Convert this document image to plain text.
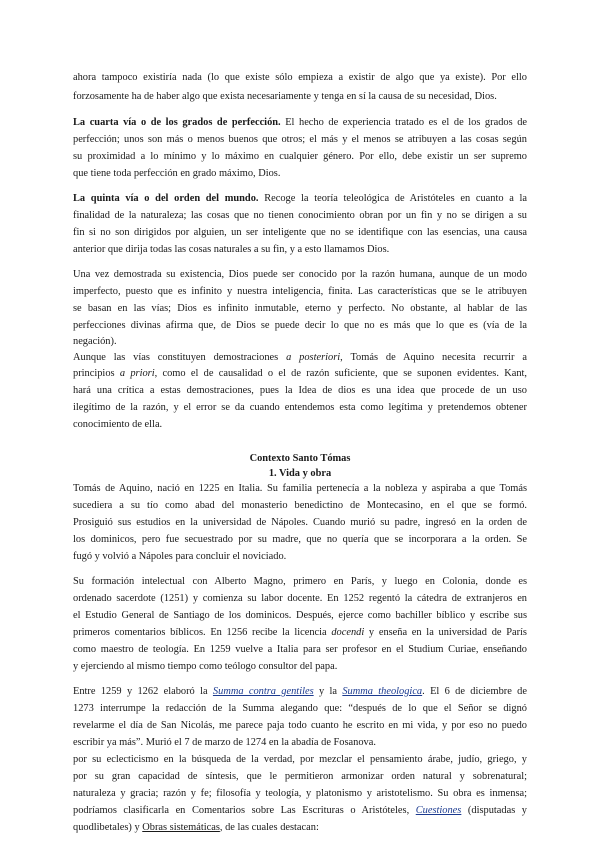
ahora tampoco existiría nada (lo que existe sólo empieza a existir de algo que ya existe). Por ello
forzosamente ha de haber algo que exista necesariamente y tenga en sí la causa de su necesidad, Dios.
La cuarta vía o de los grados de perfección. El hecho de experiencia tratado es el de los grados de
perfección; unos son más o menos buenos que otros; el más y el menos se atribuyen a las cosas según
su proximidad a lo mínimo y lo máximo en cualquier género. Por ello, debe existir un ser supremo
que tiene toda perfección en grado máximo, Dios.
La quinta vía o del orden del mundo. Recoge la teoría teleológica de Aristóteles en cuanto a la
finalidad de la naturaleza; las cosas que no tienen conocimiento obran por un fin y no se dirigen a su
fin si no son dirigidos por alguien, un ser inteligente que no se identifique con las esencias, una causa
anterior que dirija todas las cosas naturales a su fin, y a esto llamamos Dios.
Una vez demostrada su existencia, Dios puede ser conocido por la razón humana, aunque de un modo
imperfecto, puesto que es infinito y nuestra inteligencia, finita. Las características que se le atribuyen
se basan en las vías; Dios es infinito inmutable, eterno y perfecto. No obstante, al hablar de las
perfecciones divinas afirma que, de Dios se puede decir lo que no es más que lo que es (vía de la
negación).
Aunque las vías constituyen demostraciones a posteriori, Tomás de Aquino necesita recurrir a
principios a priori, como el de causalidad o el de razón suficiente, que se suponen evidentes. Kant,
hará una crítica a estas demostraciones, pues la Idea de dios es una idea que procede de un uso
ilegítimo de la razón, y el error se da cuando entendemos esta como legítima y pretendemos obtener
conocimiento de ella.
Contexto Santo Tómas
1. Vida y obra
Tomás de Aquino, nació en 1225 en Italia. Su familia pertenecía a la nobleza y aspiraba a que Tomás
sucediera a su tío como abad del monasterio benedictino de Montecasino, en el que se formó.
Prosiguió sus estudios en la universidad de Nápoles. Cuando murió su padre, ingresó en la orden de
los dominicos, pero fue secuestrado por su madre, que no quería que se incorporara a la orden. Se
fugó y volvió a Nápoles para concluir el noviciado.
Su formación intelectual con Alberto Magno, primero en París, y luego en Colonia, donde es
ordenado sacerdote (1251) y comienza su labor docente. En 1252 regentó la cátedra de extranjeros en
el Estudio General de Santiago de los dominicos. Después, ejerce como bachiller bíblico y escribe sus
primeros comentarios bíblicos. En 1256 recibe la licencia docendi y enseña en la universidad de París
como maestro de teología. En 1259 vuelve a Italia para ser profesor en el Studium Curiae, enseñando
y ejerciendo al mismo tiempo como teólogo consultor del papa.
Entre 1259 y 1262 elaboró la Summa contra gentiles y la Summa theologica. El 6 de diciembre de
1273 interrumpe la redacción de la Summa alegando que: “después de lo que el Señor se dignó
revelarme el día de San Nicolás, me parece paja todo cuanto he escrito en mi vida, y por eso no puedo
escribir ya más”. Murió el 7 de marzo de 1274 en la abadía de Fosanova.
por su eclecticismo en la búsqueda de la verdad, por mezclar el pensamiento árabe, judío, griego, y
por su gran capacidad de síntesis, que le permitieron armonizar orden natural y sobrenatural;
naturaleza y gracia; razón y fe; filosofía y teología, y platonismo y aristotelismo. Su obra es inmensa;
podríamos clasificarla en Comentarios sobre Las Escrituras o Aristóteles, Cuestiones (disputadas y
quodlibetales) y Obras sistemáticas, de las cuales destacan:
